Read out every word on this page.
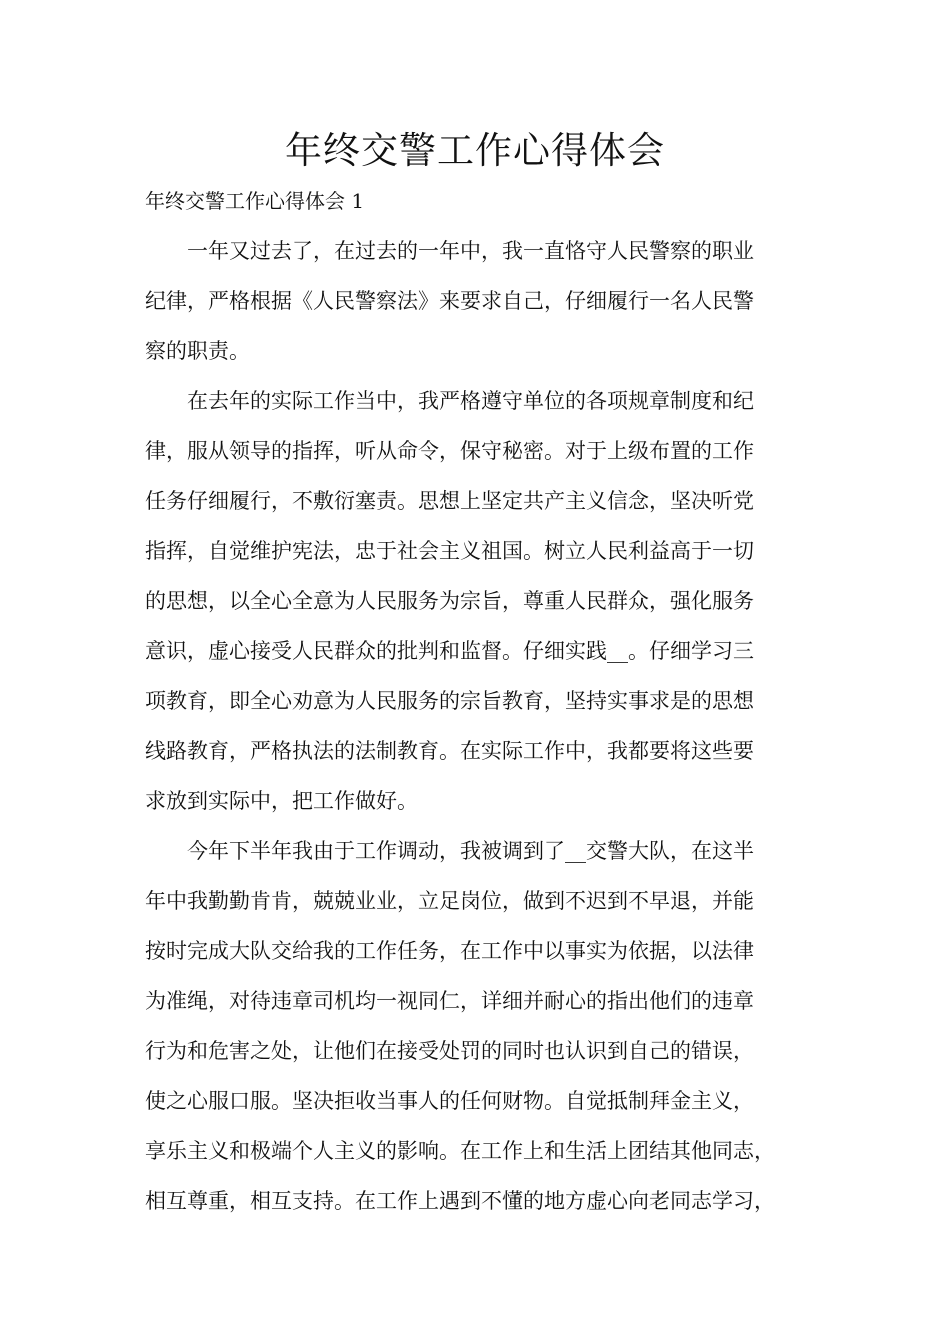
年终交警工作心得体会
年终交警工作心得体会 1

　　一年又过去了，在过去的一年中，我一直恪守人民警察的职业
纪律，严格根据《人民警察法》来要求自己，仔细履行一名人民警
察的职责。

　　在去年的实际工作当中，我严格遵守单位的各项规章制度和纪
律，服从领导的指挥，听从命令，保守秘密。对于上级布置的工作
任务仔细履行，不敷衍塞责。思想上坚定共产主义信念，坚决听党
指挥，自觉维护宪法，忠于社会主义祖国。树立人民利益高于一切
的思想，以全心全意为人民服务为宗旨，尊重人民群众，强化服务
意识，虚心接受人民群众的批判和监督。仔细实践__。仔细学习三
项教育，即全心劝意为人民服务的宗旨教育，坚持实事求是的思想
线路教育，严格执法的法制教育。在实际工作中，我都要将这些要
求放到实际中，把工作做好。

　　今年下半年我由于工作调动，我被调到了__交警大队，在这半
年中我勤勤肯肯，兢兢业业，立足岗位，做到不迟到不早退，并能
按时完成大队交给我的工作任务，在工作中以事实为依据，以法律
为准绳，对待违章司机均一视同仁，详细并耐心的指出他们的违章
行为和危害之处，让他们在接受处罚的同时也认识到自己的错误，
使之心服口服。坚决拒收当事人的任何财物。自觉抵制拜金主义，
享乐主义和极端个人主义的影响。在工作上和生活上团结其他同志，
相互尊重，相互支持。在工作上遇到不懂的地方虚心向老同志学习，
